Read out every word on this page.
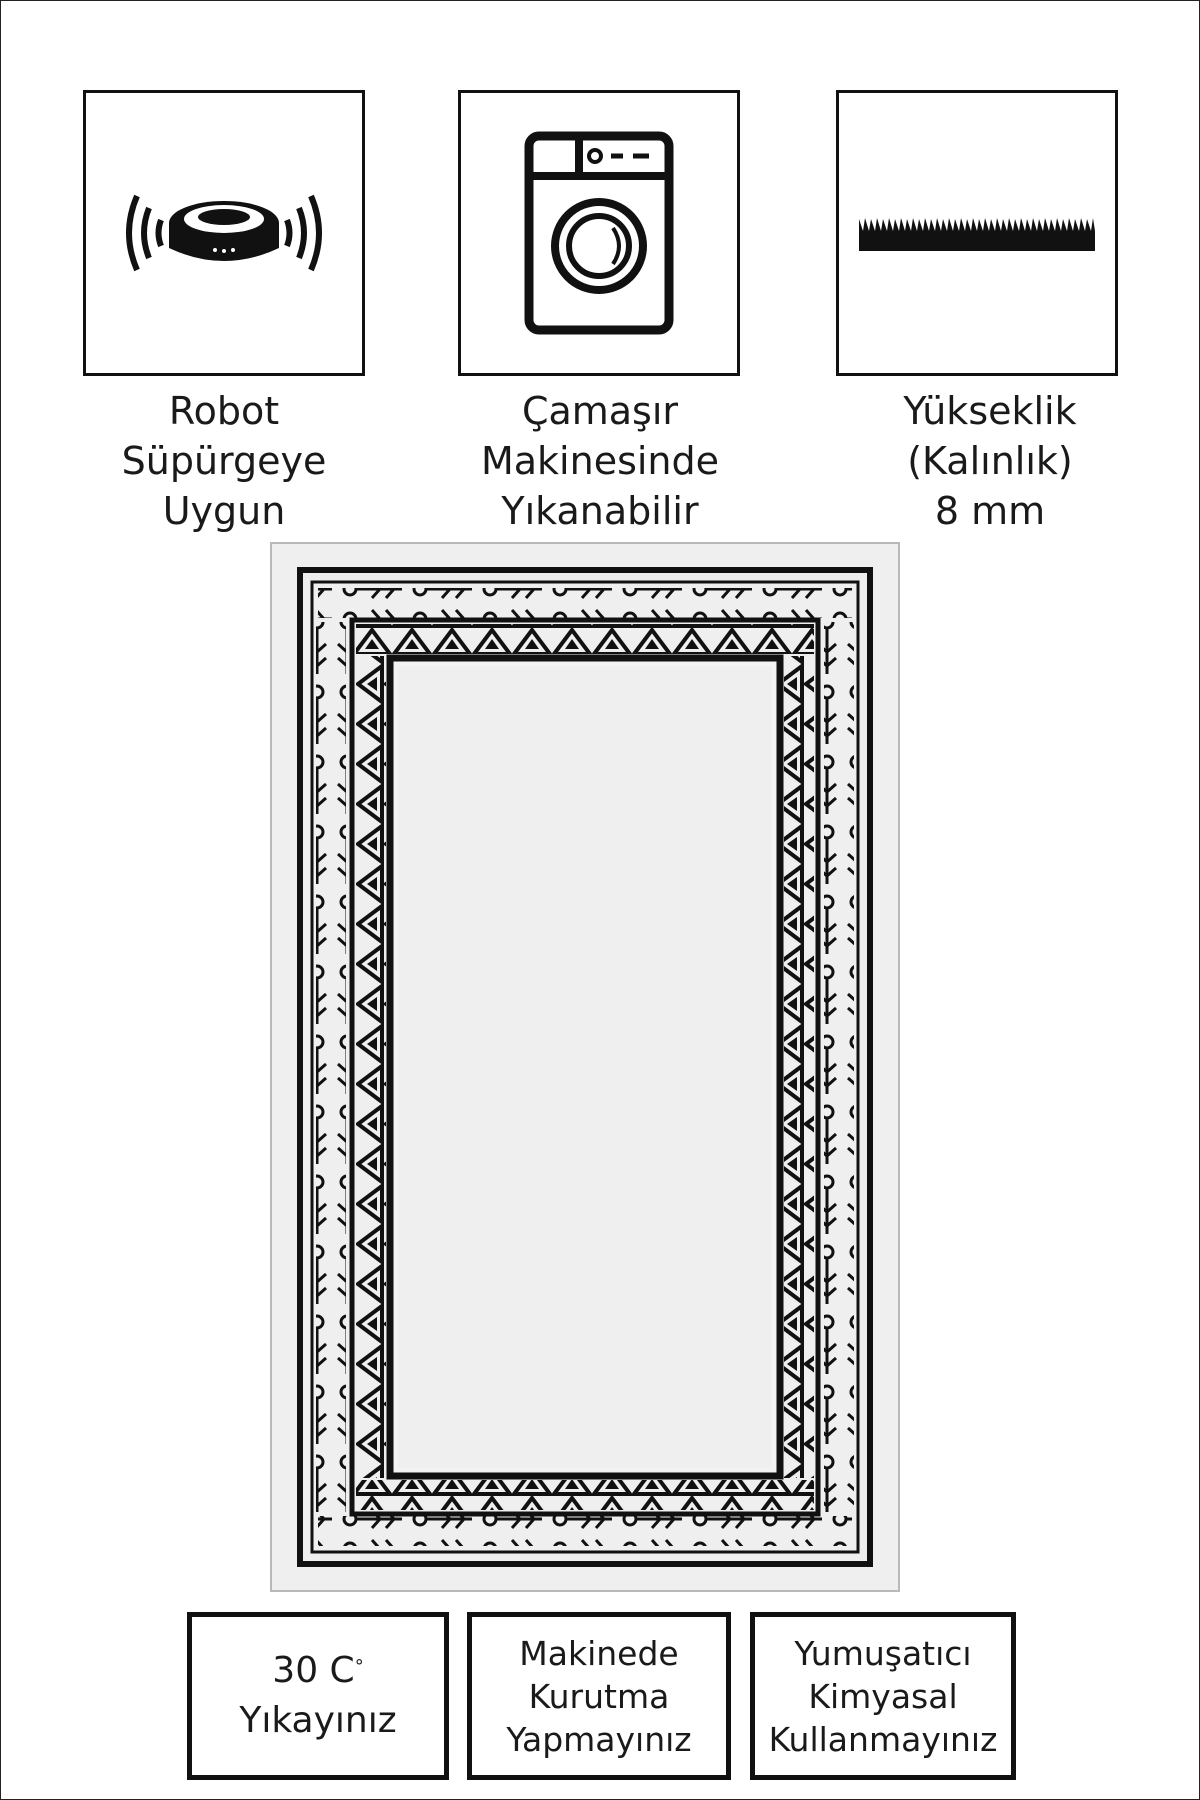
Robot
Süpürgeye
Uygun
Çamaşır
Makinesinde
Yıkanabilir
Yükseklik
(Kalınlık)
8 mm
30 C°
Yıkayınız
Makinede
Kurutma
Yapmayınız
Yumuşatıcı
Kimyasal
Kullanmayınız
